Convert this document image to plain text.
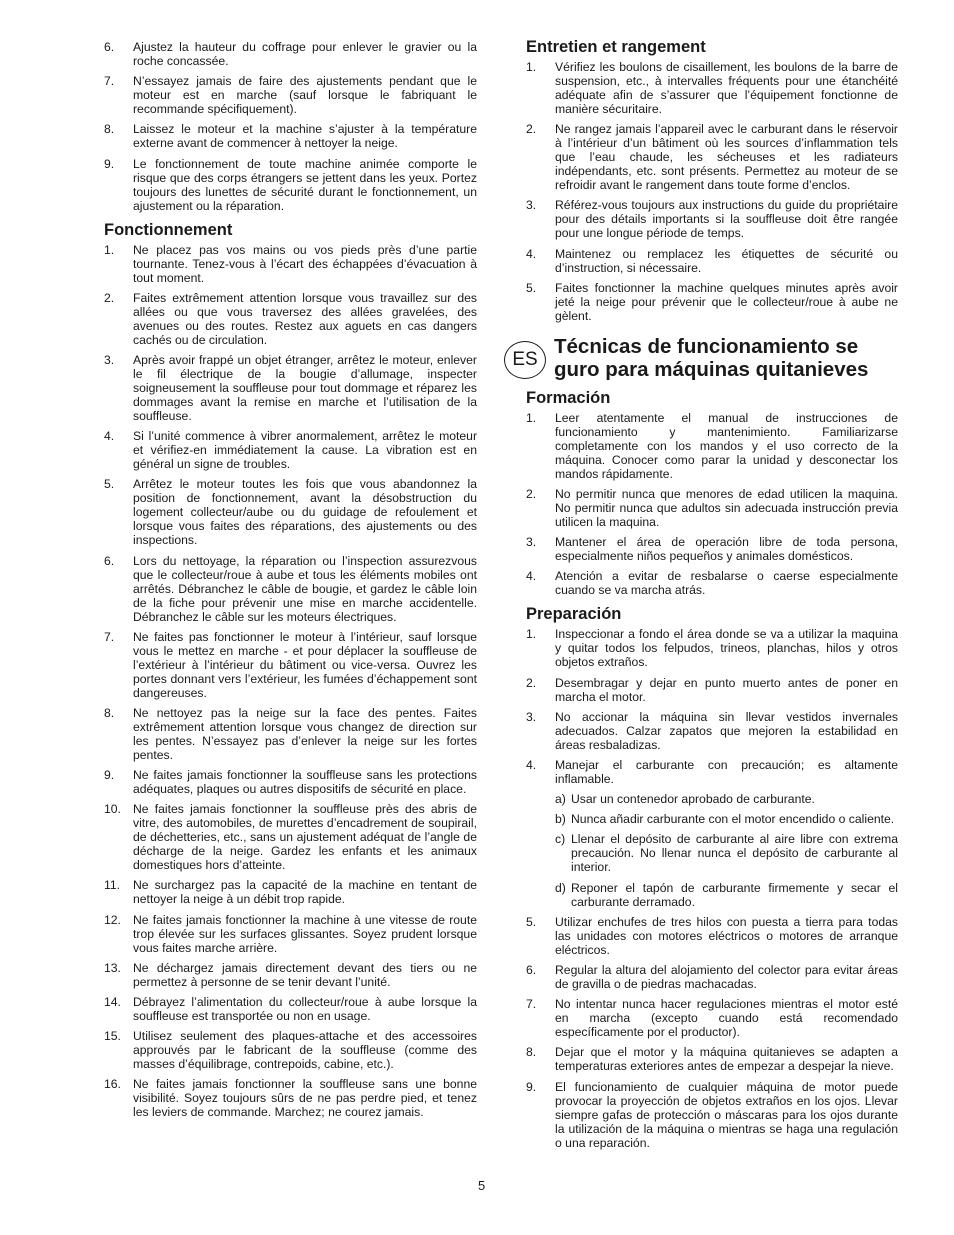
6. Ajustez la hauteur du coffrage pour enlever le gravier ou la roche concassée.
7. N’essayez jamais de faire des ajustements pendant que le moteur est en marche (sauf lorsque le fabriquant le recommande spécifiquement).
8. Laissez le moteur et la machine s’ajuster à la température externe avant de commencer à nettoyer la neige.
9. Le fonctionnement de toute machine animée comporte le risque que des corps étrangers se jettent dans les yeux. Portez toujours des lunettes de sécurité durant le fonctionnement, un ajustement ou la réparation.
Fonctionnement
1. Ne placez pas vos mains ou vos pieds près d’une partie tournante. Tenez-vous à l’écart des échappées d’évacuation à tout moment.
2. Faites extrêmement attention lorsque vous travaillez sur des allées ou que vous traversez des allées gravelées, des avenues ou des routes. Restez aux aguets en cas dangers cachés ou de circulation.
3. Après avoir frappé un objet étranger, arrêtez le moteur, enlever le fil électrique de la bougie d’allumage, inspecter soigneusement la souffleuse pour tout dommage et réparez les dommages avant la remise en marche et l’utilisation de la souffleuse.
4. Si l’unité commence à vibrer anormalement, arrêtez le moteur et vérifiez-en immédiatement la cause. La vibration est en général un signe de troubles.
5. Arrêtez le moteur toutes les fois que vous abandonnez la position de fonctionnement, avant la désobstruction du logement collecteur/aube ou du guidage de refoulement et lorsque vous faites des réparations, des ajustements ou des inspections.
6. Lors du nettoyage, la réparation ou l’inspection assurezvous que le collecteur/roue à aube et tous les éléments mobiles ont arrêtés. Débranchez le câble de bougie, et gardez le câble loin de la fiche pour prévenir une mise en marche accidentelle. Débranchez le câble sur les moteurs électriques.
7. Ne faites pas fonctionner le moteur à l’intérieur, sauf lorsque vous le mettez en marche - et pour déplacer la souffleuse de l’extérieur à l’intérieur du bâtiment ou vice-versa. Ouvrez les portes donnant vers l’extérieur, les fumées d’échappement sont dangereuses.
8. Ne nettoyez pas la neige sur la face des pentes. Faites extrêmement attention lorsque vous changez de direction sur les pentes. N’essayez pas d’enlever la neige sur les fortes pentes.
9. Ne faites jamais fonctionner la souffleuse sans les protections adéquates, plaques ou autres dispositifs de sécurité en place.
10. Ne faites jamais fonctionner la souffleuse près des abris de vitre, des automobiles, de murettes d’encadrement de soupirail, de déchetteries, etc., sans un ajustement adéquat de l’angle de décharge de la neige. Gardez les enfants et les animaux domestiques hors d’atteinte.
11. Ne surchargez pas la capacité de la machine en tentant de nettoyer la neige à un débit trop rapide.
12. Ne faites jamais fonctionner la machine à une vitesse de route trop élevée sur les surfaces glissantes. Soyez prudent lorsque vous faites marche arrière.
13. Ne déchargez jamais directement devant des tiers ou ne permettez à personne de se tenir devant l’unité.
14. Débrayez l’alimentation du collecteur/roue à aube lorsque la souffleuse est transportée ou non en usage.
15. Utilisez seulement des plaques-attache et des accessoires approuvés par le fabricant de la souffleuse (comme des masses d’équilibrage, contrepoids, cabine, etc.).
16. Ne faites jamais fonctionner la souffleuse sans une bonne visibilité. Soyez toujours sûrs de ne pas perdre pied, et tenez les leviers de commande. Marchez; ne courez jamais.
Entretien et rangement
1. Vérifiez les boulons de cisaillement, les boulons de la barre de suspension, etc., à intervalles fréquents pour une étanchéité adéquate afin de s’assurer que l’équipement fonctionne de manière sécuritaire.
2. Ne rangez jamais l’appareil avec le carburant dans le réservoir à l’intérieur d’un bâtiment où les sources d’inflammation tels que l’eau chaude, les sécheuses et les radiateurs indépendants, etc. sont présents. Permettez au moteur de se refroidir avant le rangement dans toute forme d’enclos.
3. Référez-vous toujours aux instructions du guide du propriétaire pour des détails importants si la souffleuse doit être rangée pour une longue période de temps.
4. Maintenez ou remplacez les étiquettes de sécurité ou d’instruction, si nécessaire.
5. Faites fonctionner la machine quelques minutes après avoir jeté la neige pour prévenir que le collecteur/roue à aube ne gèlent.
ES
Técnicas de funcionamiento se
guro para máquinas quitanieves
Formación
1. Leer atentamente el manual de instrucciones de funcionamiento y mantenimiento. Familiarizarse completamente con los mandos y el uso correcto de la máquina. Conocer como parar la unidad y desconectar los mandos rápidamente.
2. No permitir nunca que menores de edad utilicen la maquina. No permitir nunca que adultos sin adecuada instrucción previa utilicen la maquina.
3. Mantener el área de operación libre de toda persona, especialmente niños pequeños y animales domésticos.
4. Atención a evitar de resbalarse o caerse especialmente cuando se va marcha atrás.
Preparación
1. Inspeccionar a fondo el área donde se va a utilizar la maquina y quitar todos los felpudos, trineos, planchas, hilos y otros objetos extraños.
2. Desembragar y dejar en punto muerto antes de poner en marcha el motor.
3. No accionar la máquina sin llevar vestidos invernales adecuados. Calzar zapatos que mejoren la estabilidad en áreas resbaladizas.
4. Manejar el carburante con precaución; es altamente inflamable.
a) Usar un contenedor aprobado de carburante.
b) Nunca añadir carburante con el motor encendido o caliente.
c) Llenar el depósito de carburante al aire libre con extrema precaución. No llenar nunca el depósito de carburante al interior.
d) Reponer el tapón de carburante firmemente y secar el carburante derramado.
5. Utilizar enchufes de tres hilos con puesta a tierra para todas las unidades con motores eléctricos o motores de arranque eléctricos.
6. Regular la altura del alojamiento del colector para evitar áreas de gravilla o de piedras machacadas.
7. No intentar nunca hacer regulaciones mientras el motor esté en marcha (excepto cuando está recomendado específicamente por el productor).
8. Dejar que el motor y la máquina quitanieves se adapten a temperaturas exteriores antes de empezar a despejar la nieve.
9. El funcionamiento de cualquier máquina de motor puede provocar la proyección de objetos extraños en los ojos. Llevar siempre gafas de protección o máscaras para los ojos durante la utilización de la máquina o mientras se haga una regulación o una reparación.
5
